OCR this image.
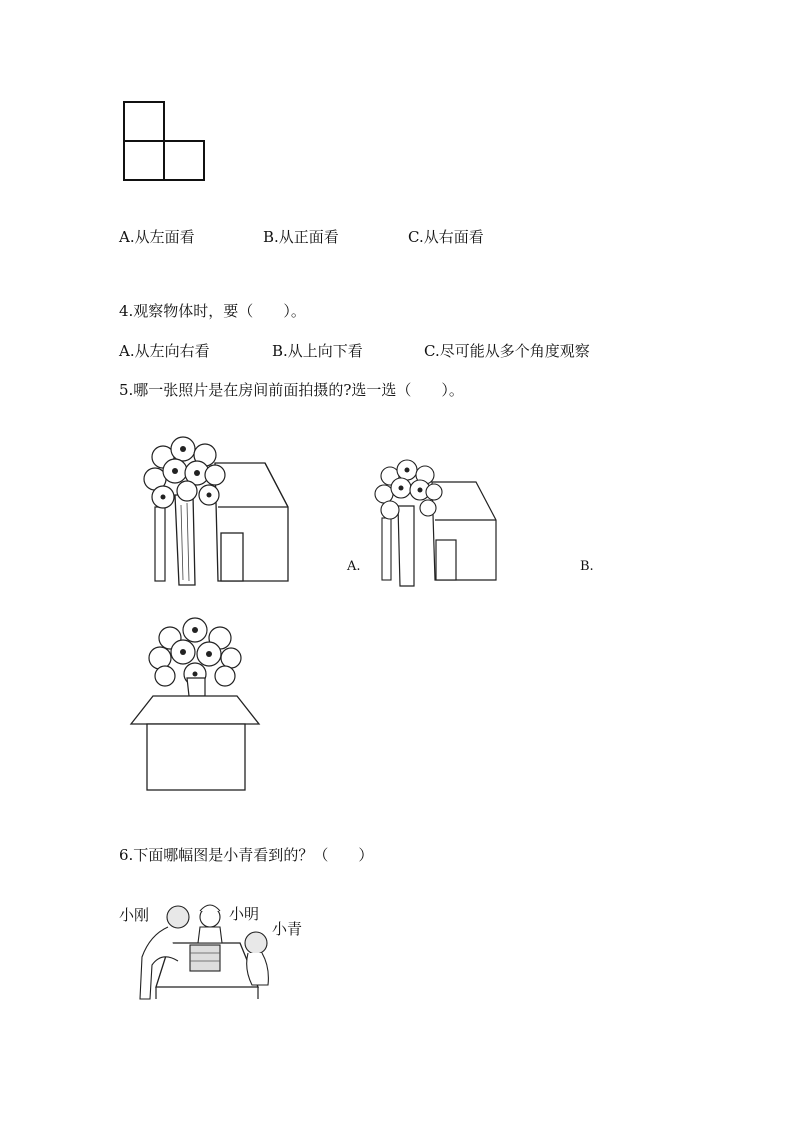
A.从左面看	B.从正面看	C.从右面看
4.观察物体时，要（　　）。
A.从左向右看	B.从上向下看	C.尽可能从多个角度观察
5.哪一张照片是在房间前面拍摄的?选一选（　　）。
A.	B.
6.下面哪幅图是小青看到的？（　　）
小刚	小明
小青
